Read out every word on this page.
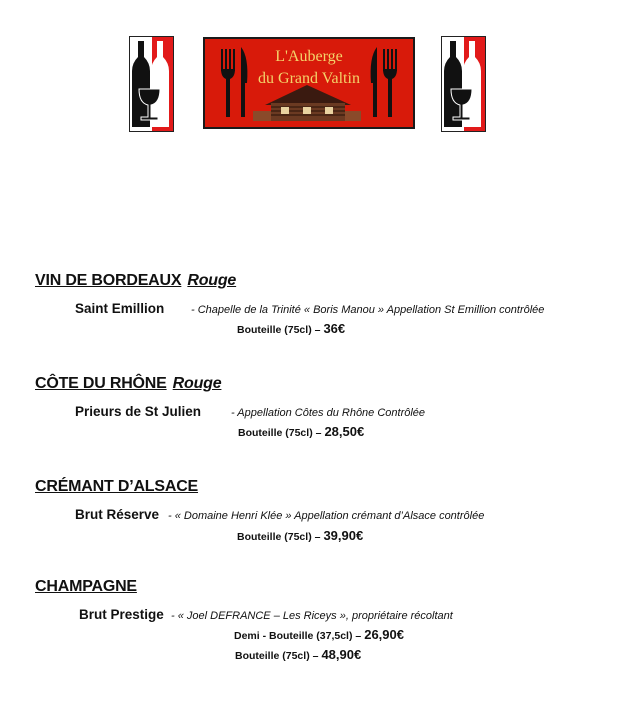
L'Auberge
du Grand Valtin
VIN DE BORDEAUX Rouge
Saint Emillion - Chapelle de la Trinité « Boris Manou » Appellation St Emillion contrôlée
Bouteille (75cl) – 36€
CÔTE DU RHÔNE Rouge
Prieurs de St Julien	- Appellation Côtes du Rhône Contrôlée
Bouteille (75cl) – 28,50€
CRÉMANT D’ALSACE
Brut Réserve - « Domaine Henri Klée » Appellation crémant d’Alsace contrôlée
Bouteille (75cl) – 39,90€
CHAMPAGNE
Brut Prestige - « Joel DEFRANCE – Les Riceys », propriétaire récoltant
Demi - Bouteille (37,5cl) – 26,90€
Bouteille (75cl) – 48,90€
